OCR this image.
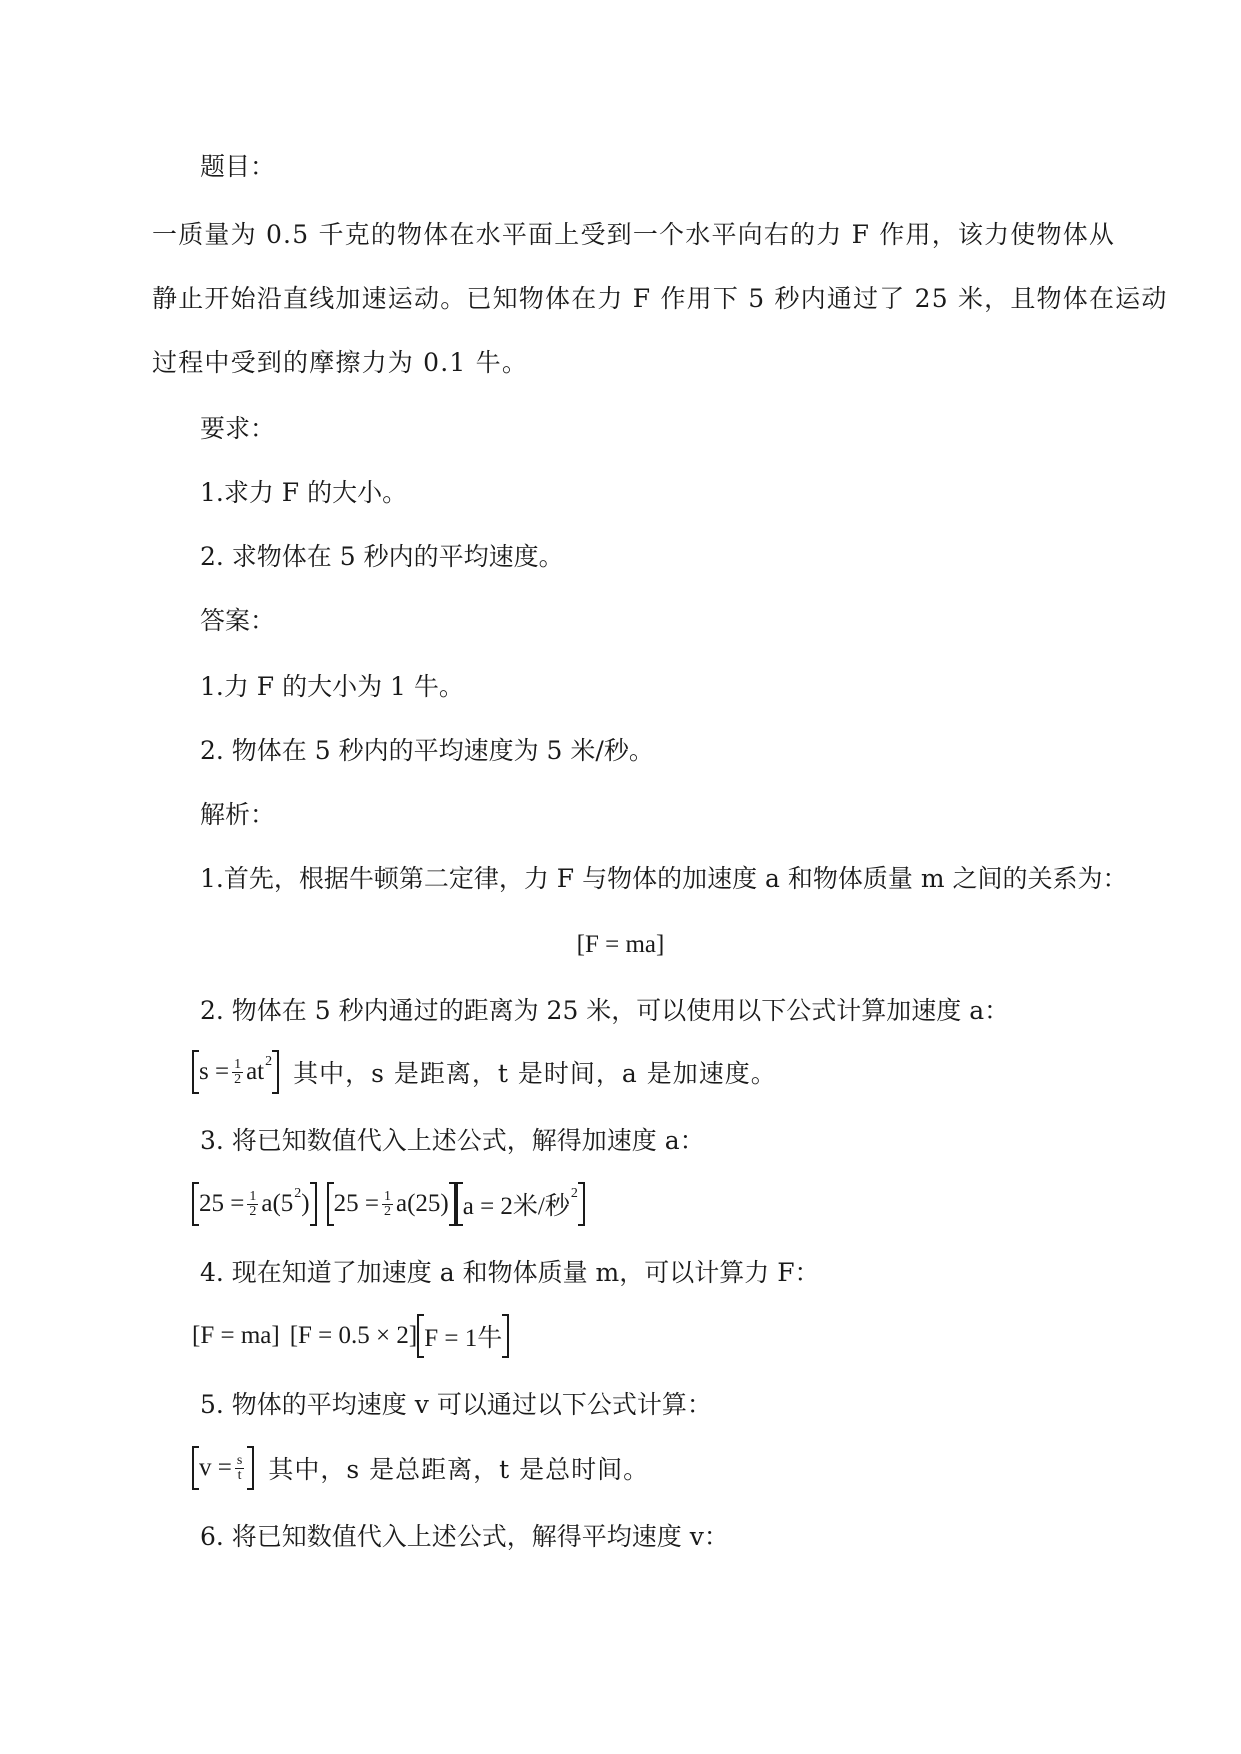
题目：
一质量为 0.5 千克的物体在水平面上受到一个水平向右的力 F 作用，该力使物体从
静止开始沿直线加速运动。已知物体在力 F 作用下 5 秒内通过了 25 米，且物体在运动
过程中受到的摩擦力为 0.1 牛。
要求：
1.求力 F 的大小。
2. 求物体在 5 秒内的平均速度。
答案：
1.力 F 的大小为 1 牛。
2. 物体在 5 秒内的平均速度为 5 米/秒。
解析：
1.首先，根据牛顿第二定律，力 F 与物体的加速度 a 和物体质量 m 之间的关系为：
[F = ma]
2. 物体在 5 秒内通过的距离为 25 米，可以使用以下公式计算加速度 a：
$s = \frac{1}{2}$ at 2 其中，s 是距离，t 是时间，a 是加速度。
3. 将已知数值代入上述公式，解得加速度 a：
$25 = \frac{1}{2} a(5$ 2 ) $25 = \frac{1}{2} a(25) a = 2$米/秒 2
4. 现在知道了加速度 a 和物体质量 m，可以计算力 F：
[F = ma] [F = 0.5 × 2] F = 1牛
5. 物体的平均速度 v 可以通过以下公式计算：
$v = \frac{s}{t}$ 其中，s 是总距离，t 是总时间。
6. 将已知数值代入上述公式，解得平均速度 v：
